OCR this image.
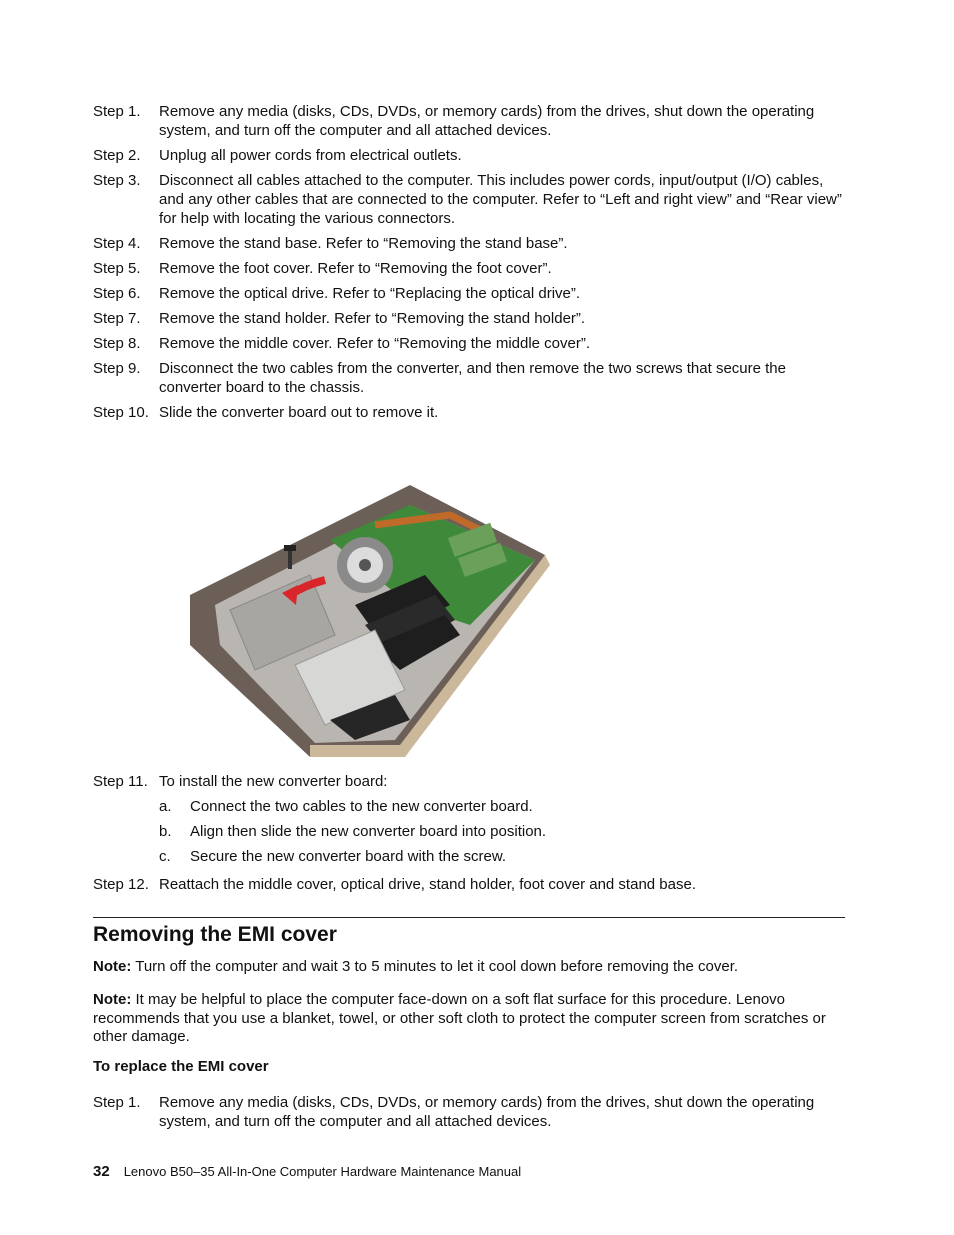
Step 1. Remove any media (disks, CDs, DVDs, or memory cards) from the drives, shut down the operating system, and turn off the computer and all attached devices.
Step 2. Unplug all power cords from electrical outlets.
Step 3. Disconnect all cables attached to the computer. This includes power cords, input/output (I/O) cables, and any other cables that are connected to the computer. Refer to “Left and right view” and “Rear view” for help with locating the various connectors.
Step 4. Remove the stand base. Refer to “Removing the stand base”.
Step 5. Remove the foot cover. Refer to “Removing the foot cover”.
Step 6. Remove the optical drive. Refer to “Replacing the optical drive”.
Step 7. Remove the stand holder. Refer to “Removing the stand holder”.
Step 8. Remove the middle cover. Refer to “Removing the middle cover”.
Step 9. Disconnect the two cables from the converter, and then remove the two screws that secure the converter board to the chassis.
Step 10. Slide the converter board out to remove it.
Step 11. To install the new converter board:
a. Connect the two cables to the new converter board.
b. Align then slide the new converter board into position.
c. Secure the new converter board with the screw.
Step 12. Reattach the middle cover, optical drive, stand holder, foot cover and stand base.
Removing the EMI cover
Note: Turn off the computer and wait 3 to 5 minutes to let it cool down before removing the cover.
Note: It may be helpful to place the computer face-down on a soft flat surface for this procedure. Lenovo recommends that you use a blanket, towel, or other soft cloth to protect the computer screen from scratches or other damage.
To replace the EMI cover
Step 1. Remove any media (disks, CDs, DVDs, or memory cards) from the drives, shut down the operating system, and turn off the computer and all attached devices.
32 Lenovo B50–35 All-In-One Computer Hardware Maintenance Manual
